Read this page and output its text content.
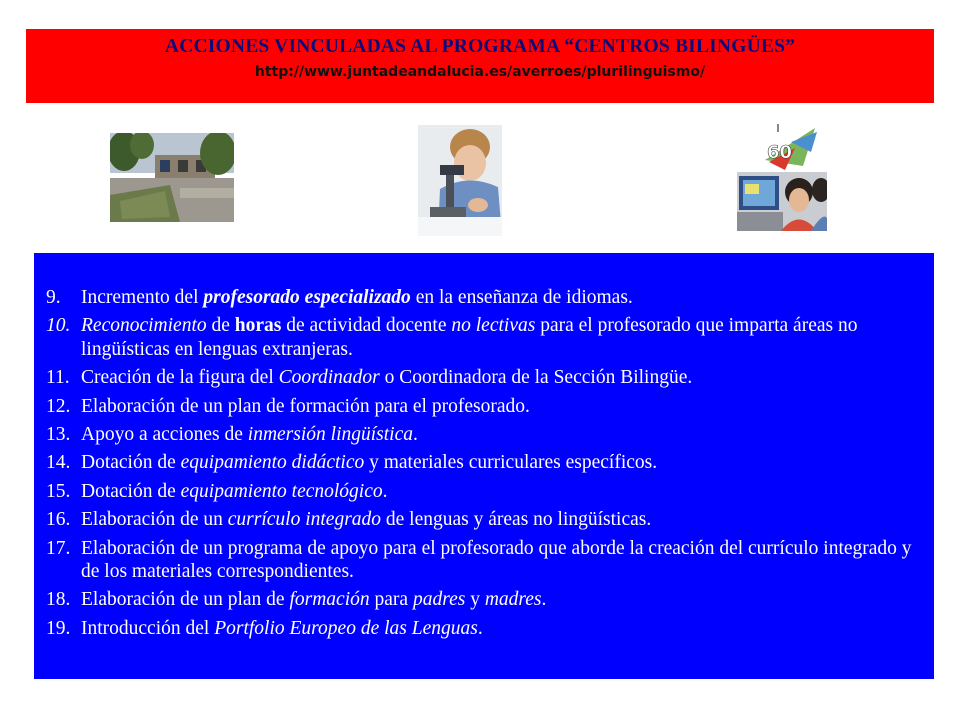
ACCIONES VINCULADAS AL PROGRAMA “CENTROS BILINGÜES”
http://www.juntadeandalucia.es/averroes/plurilinguismo/
60
9.	Incremento del profesorado especializado en la enseñanza de idiomas.
10. Reconocimiento de horas de actividad docente no lectivas para el profesorado que imparta áreas no lingüísticas en lenguas extranjeras.
11. Creación de la figura del Coordinador o Coordinadora de la Sección Bilingüe.
12. Elaboración de un plan de formación para el profesorado.
13. Apoyo a acciones de inmersión lingüística.
14. Dotación de equipamiento didáctico y materiales curriculares específicos.
15. Dotación de equipamiento tecnológico.
16. Elaboración de un currículo integrado de lenguas y áreas no lingüísticas.
17. Elaboración de un programa de apoyo para el profesorado que aborde la creación del currículo integrado y de los materiales correspondientes.
18. Elaboración de un plan de formación para padres y madres.
19. Introducción del Portfolio Europeo de las Lenguas.
